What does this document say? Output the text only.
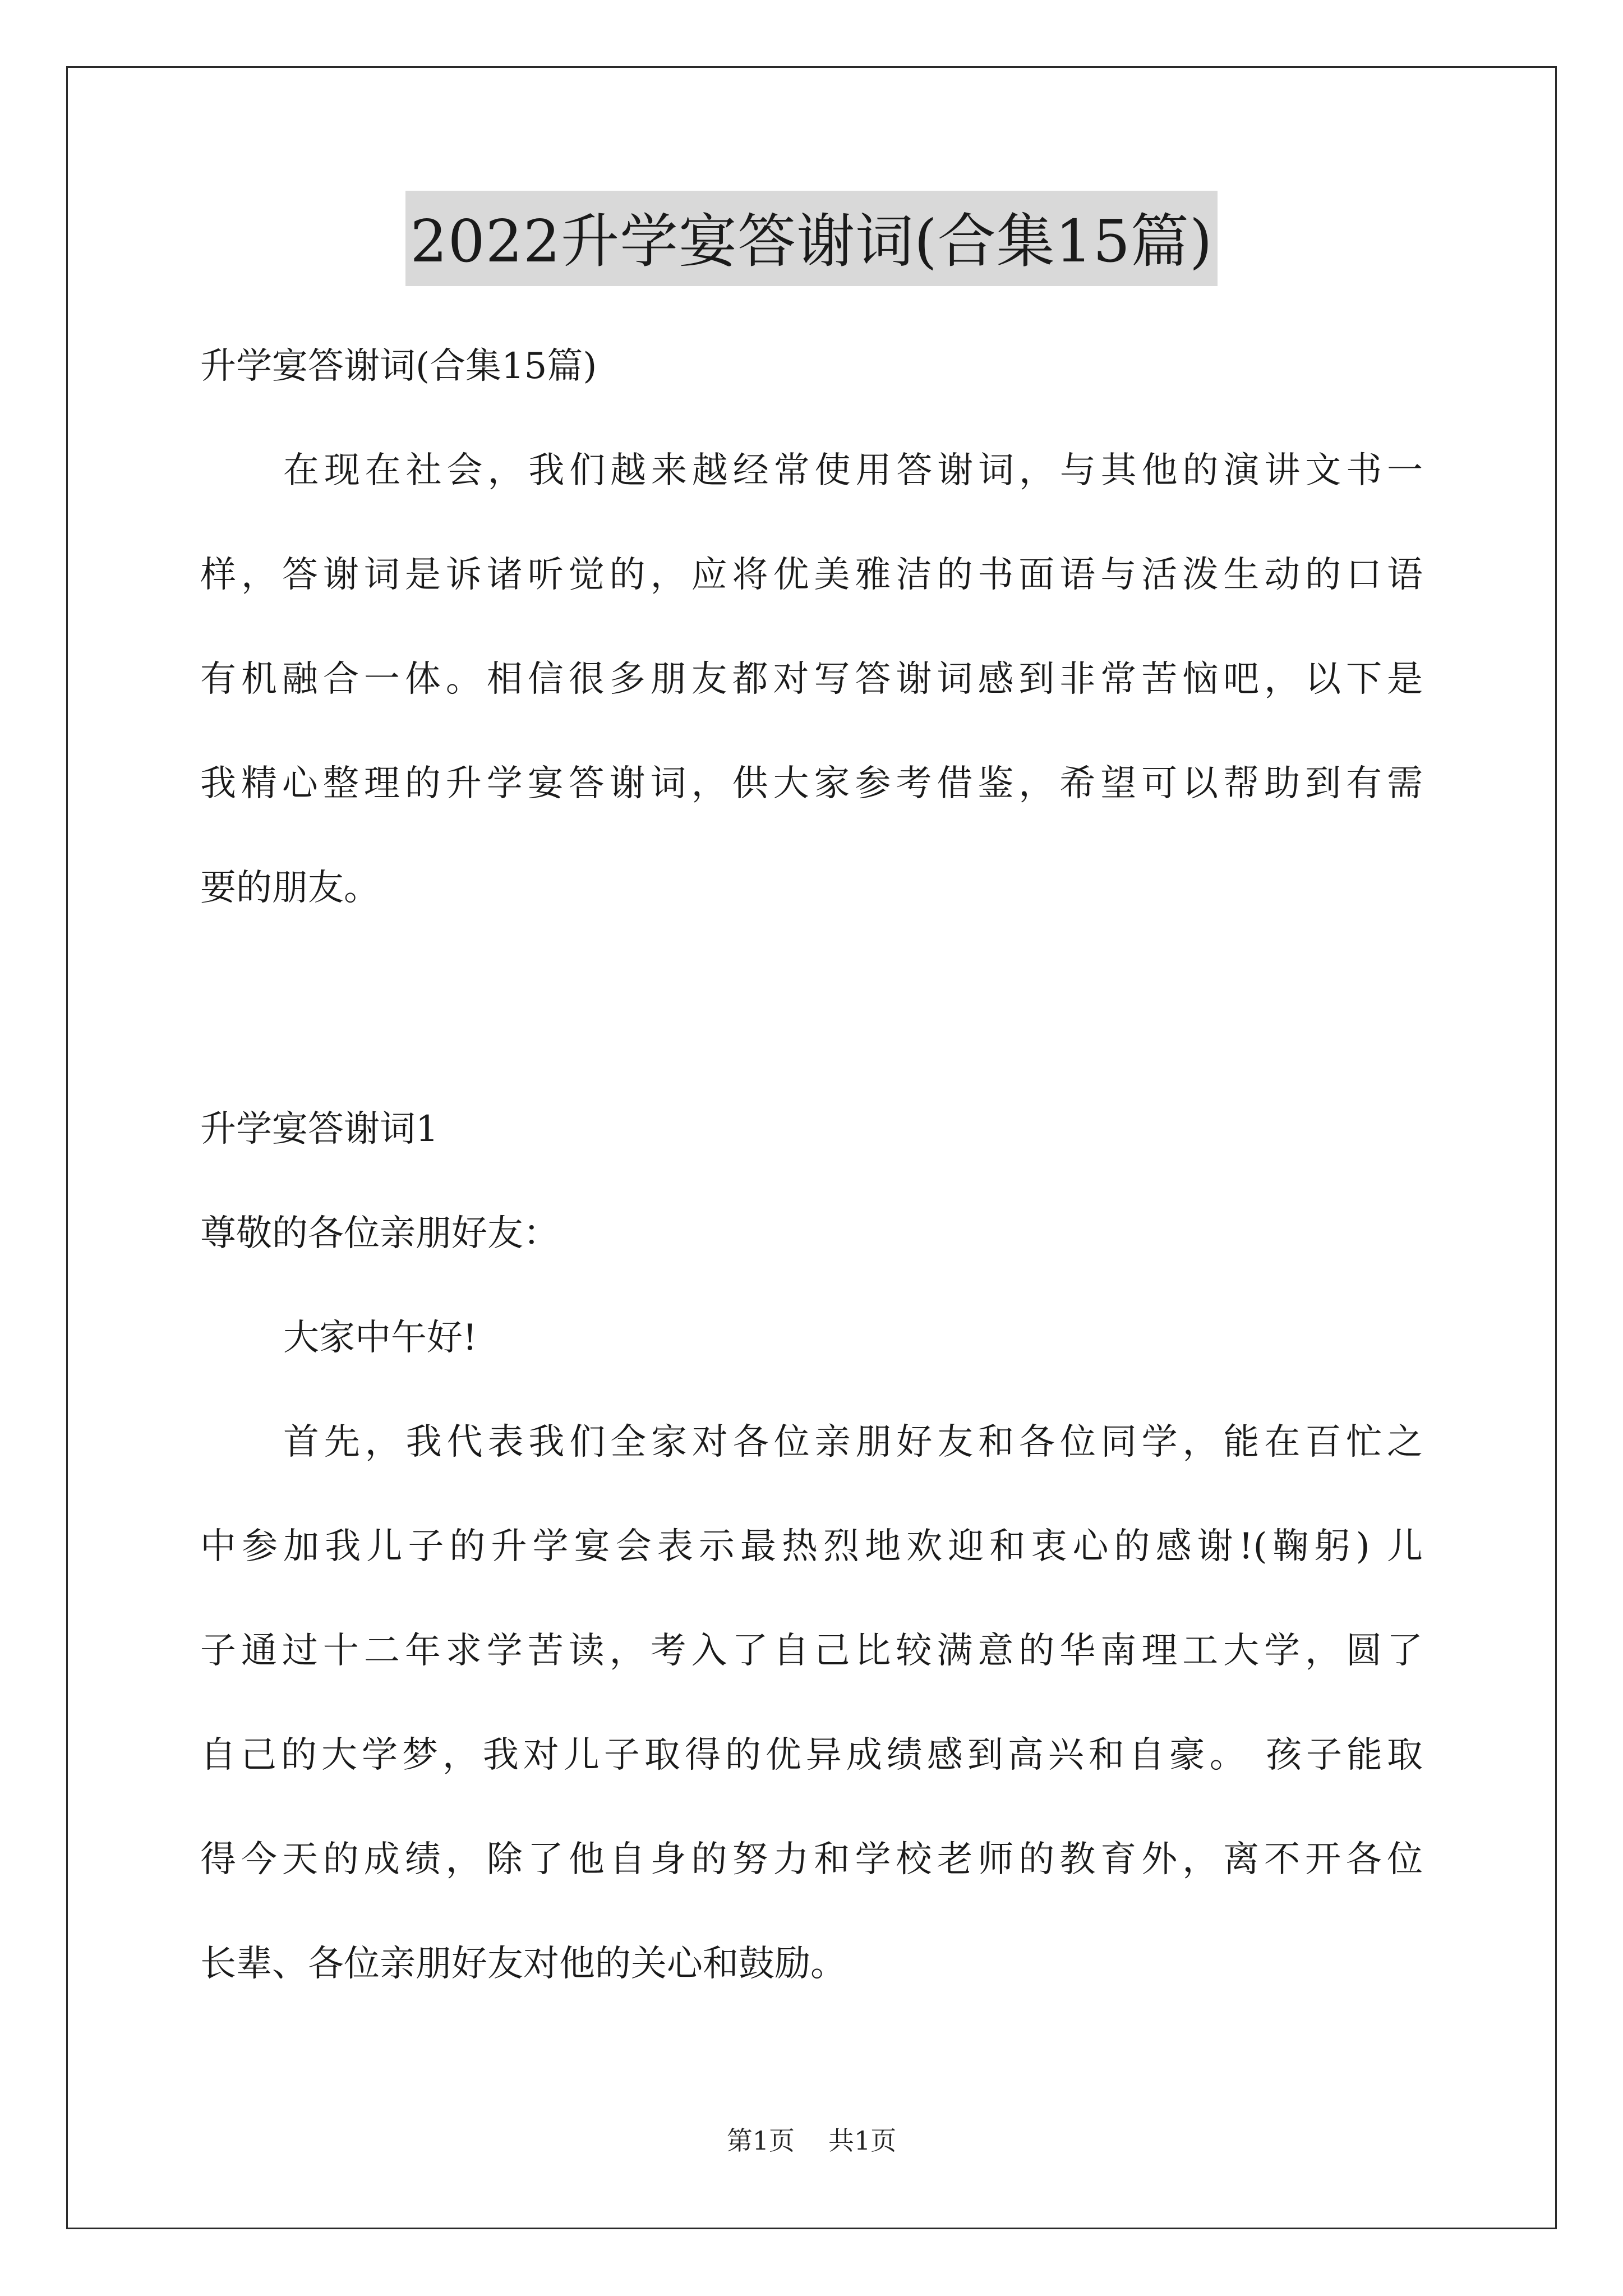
2022升学宴答谢词(合集15篇)

升学宴答谢词(合集15篇)

在现在社会，我们越来越经常使用答谢词，与其他的演讲文书一

样，答谢词是诉诸听觉的，应将优美雅洁的书面语与活泼生动的口语

有机融合一体。相信很多朋友都对写答谢词感到非常苦恼吧，以下是

我精心整理的升学宴答谢词，供大家参考借鉴，希望可以帮助到有需

要的朋友。

升学宴答谢词1

尊敬的各位亲朋好友：

大家中午好!

首先，我代表我们全家对各位亲朋好友和各位同学，能在百忙之

中参加我儿子的升学宴会表示最热烈地欢迎和衷心的感谢!(鞠躬) 儿

子通过十二年求学苦读，考入了自己比较满意的华南理工大学，圆了

自己的大学梦，我对儿子取得的优异成绩感到高兴和自豪。 孩子能取

得今天的成绩，除了他自身的努力和学校老师的教育外，离不开各位

长辈、各位亲朋好友对他的关心和鼓励。

第1页 共1页
